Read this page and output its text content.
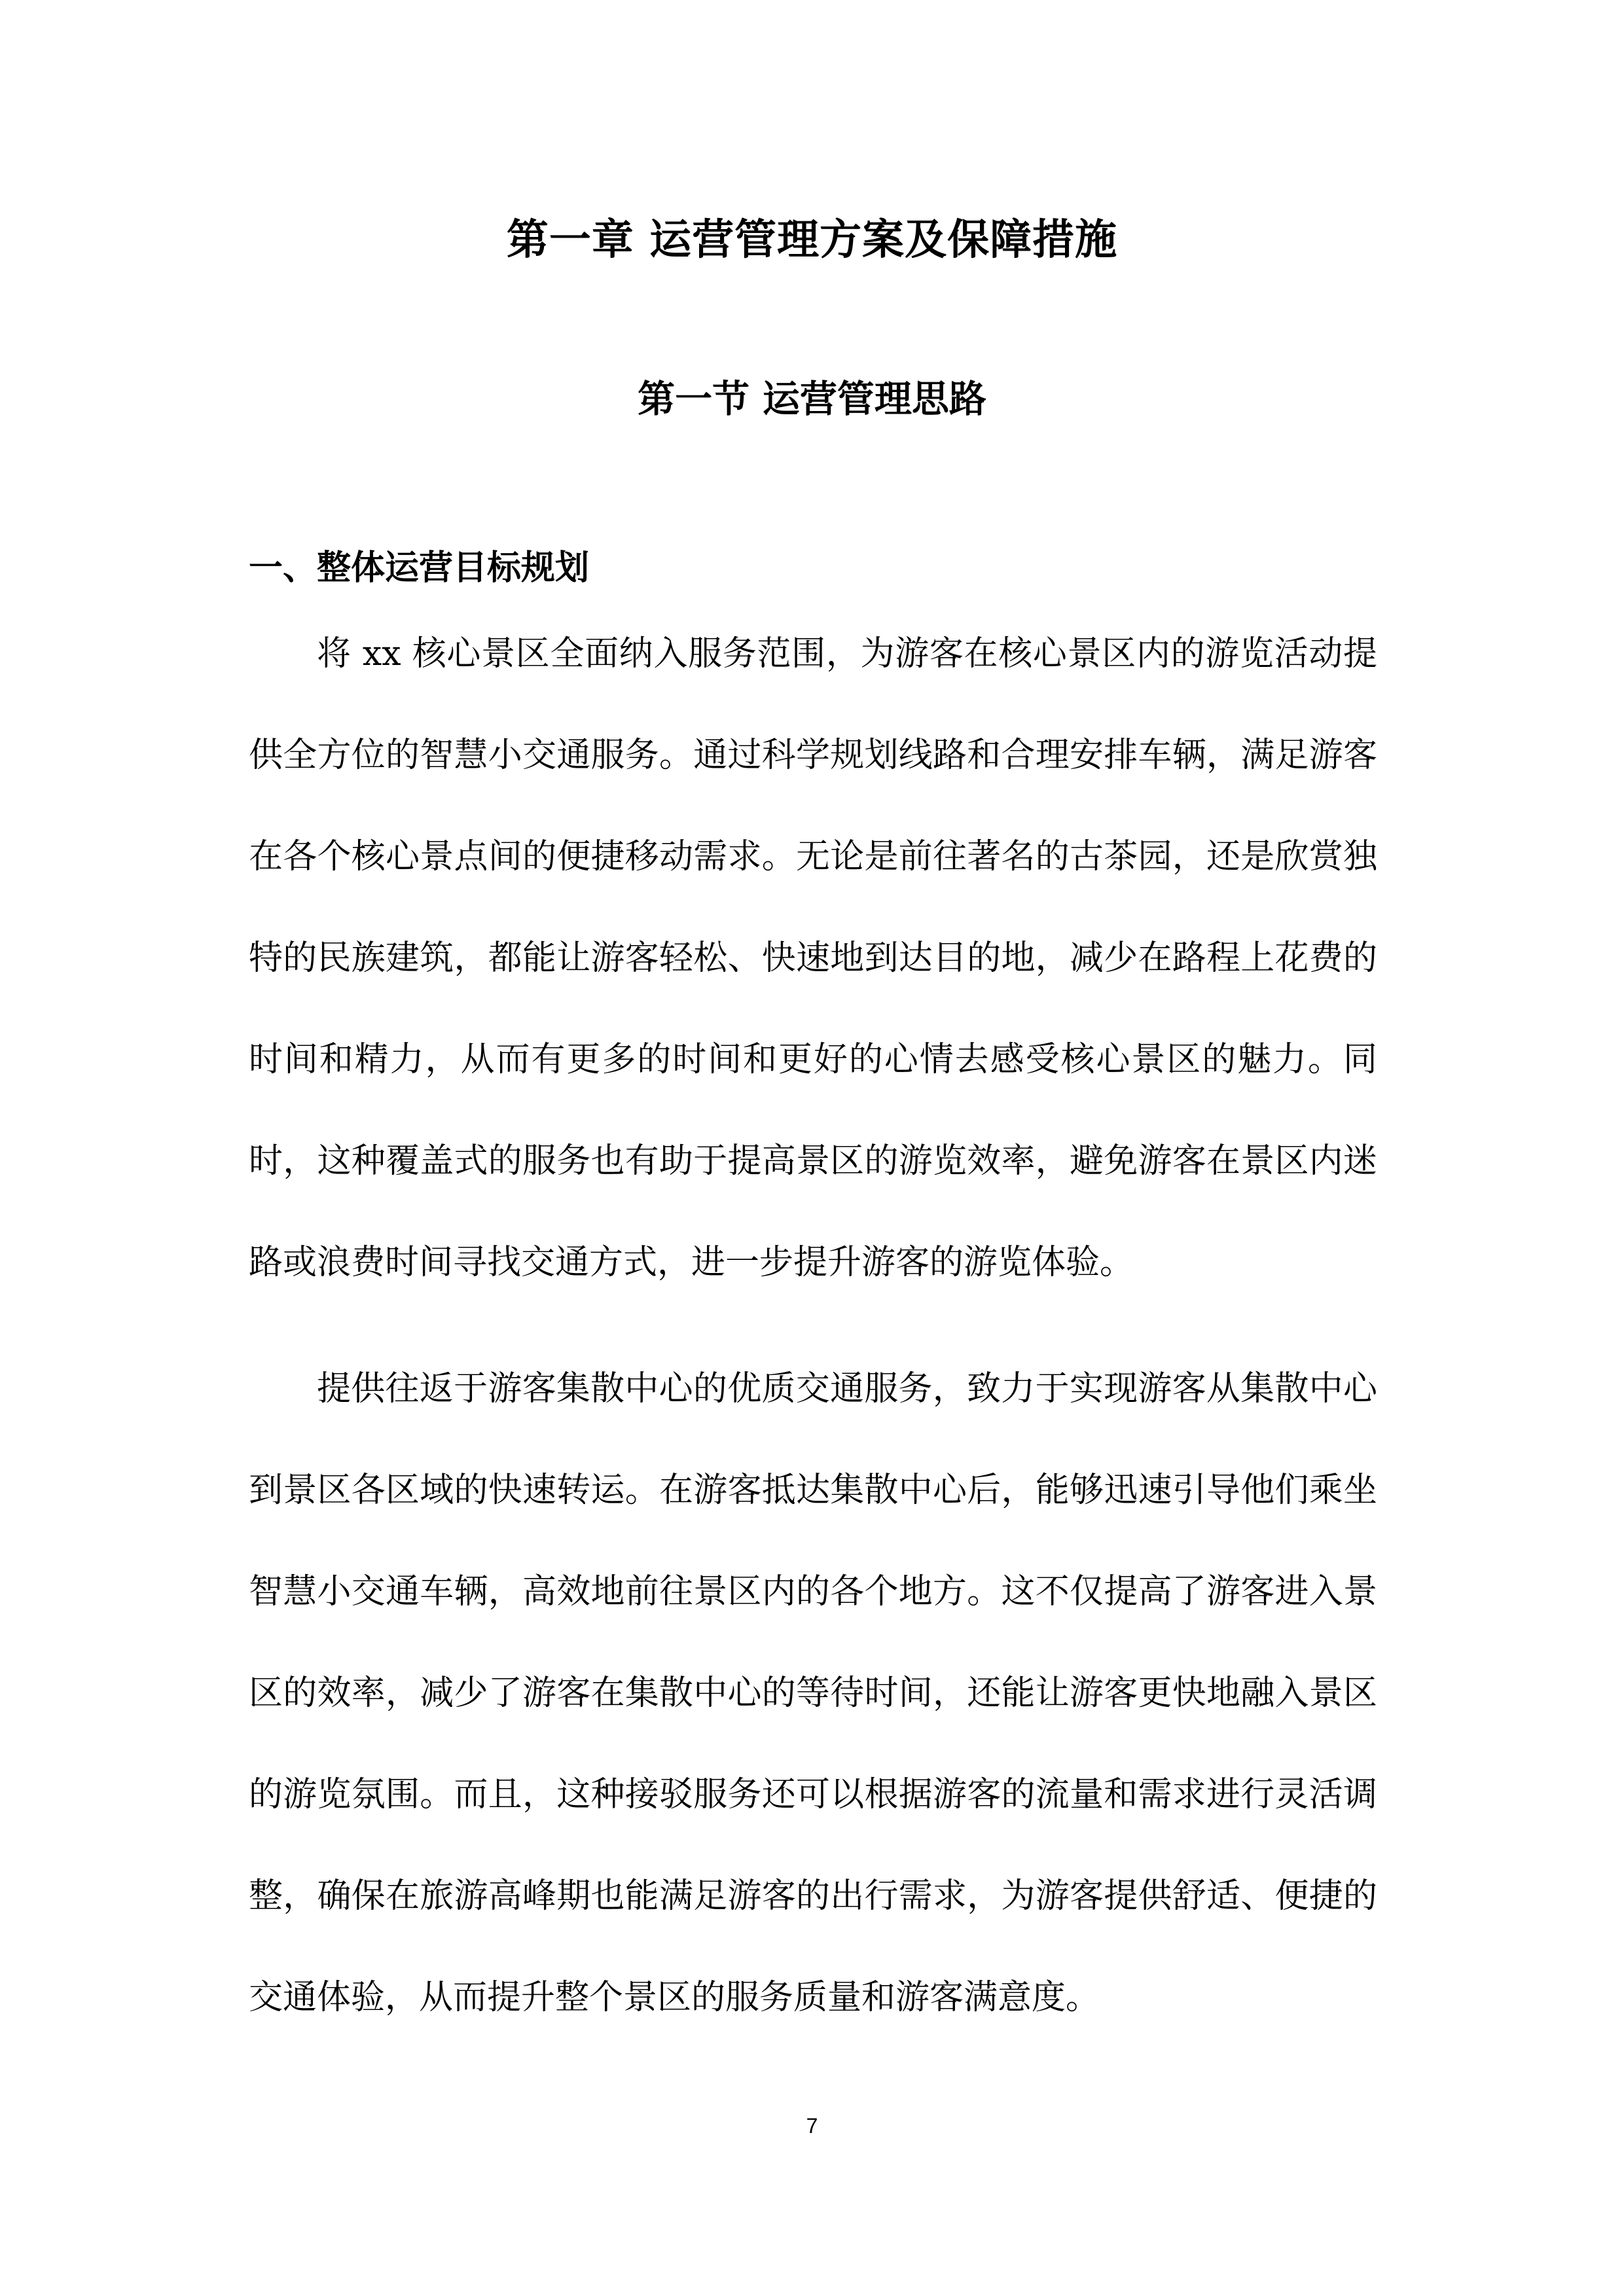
第一章 运营管理方案及保障措施
第一节 运营管理思路
一、整体运营目标规划

将 xx 核心景区全面纳入服务范围，为游客在核心景区内的游览活动提供全方位的智慧小交通服务。通过科学规划线路和合理安排车辆，满足游客在各个核心景点间的便捷移动需求。无论是前往著名的古茶园，还是欣赏独特的民族建筑，都能让游客轻松、快速地到达目的地，减少在路程上花费的时间和精力，从而有更多的时间和更好的心情去感受核心景区的魅力。同时，这种覆盖式的服务也有助于提高景区的游览效率，避免游客在景区内迷路或浪费时间寻找交通方式，进一步提升游客的游览体验。

提供往返于游客集散中心的优质交通服务，致力于实现游客从集散中心到景区各区域的快速转运。在游客抵达集散中心后，能够迅速引导他们乘坐智慧小交通车辆，高效地前往景区内的各个地方。这不仅提高了游客进入景区的效率，减少了游客在集散中心的等待时间，还能让游客更快地融入景区的游览氛围。而且，这种接驳服务还可以根据游客的流量和需求进行灵活调整，确保在旅游高峰期也能满足游客的出行需求，为游客提供舒适、便捷的交通体验，从而提升整个景区的服务质量和游客满意度。

7
